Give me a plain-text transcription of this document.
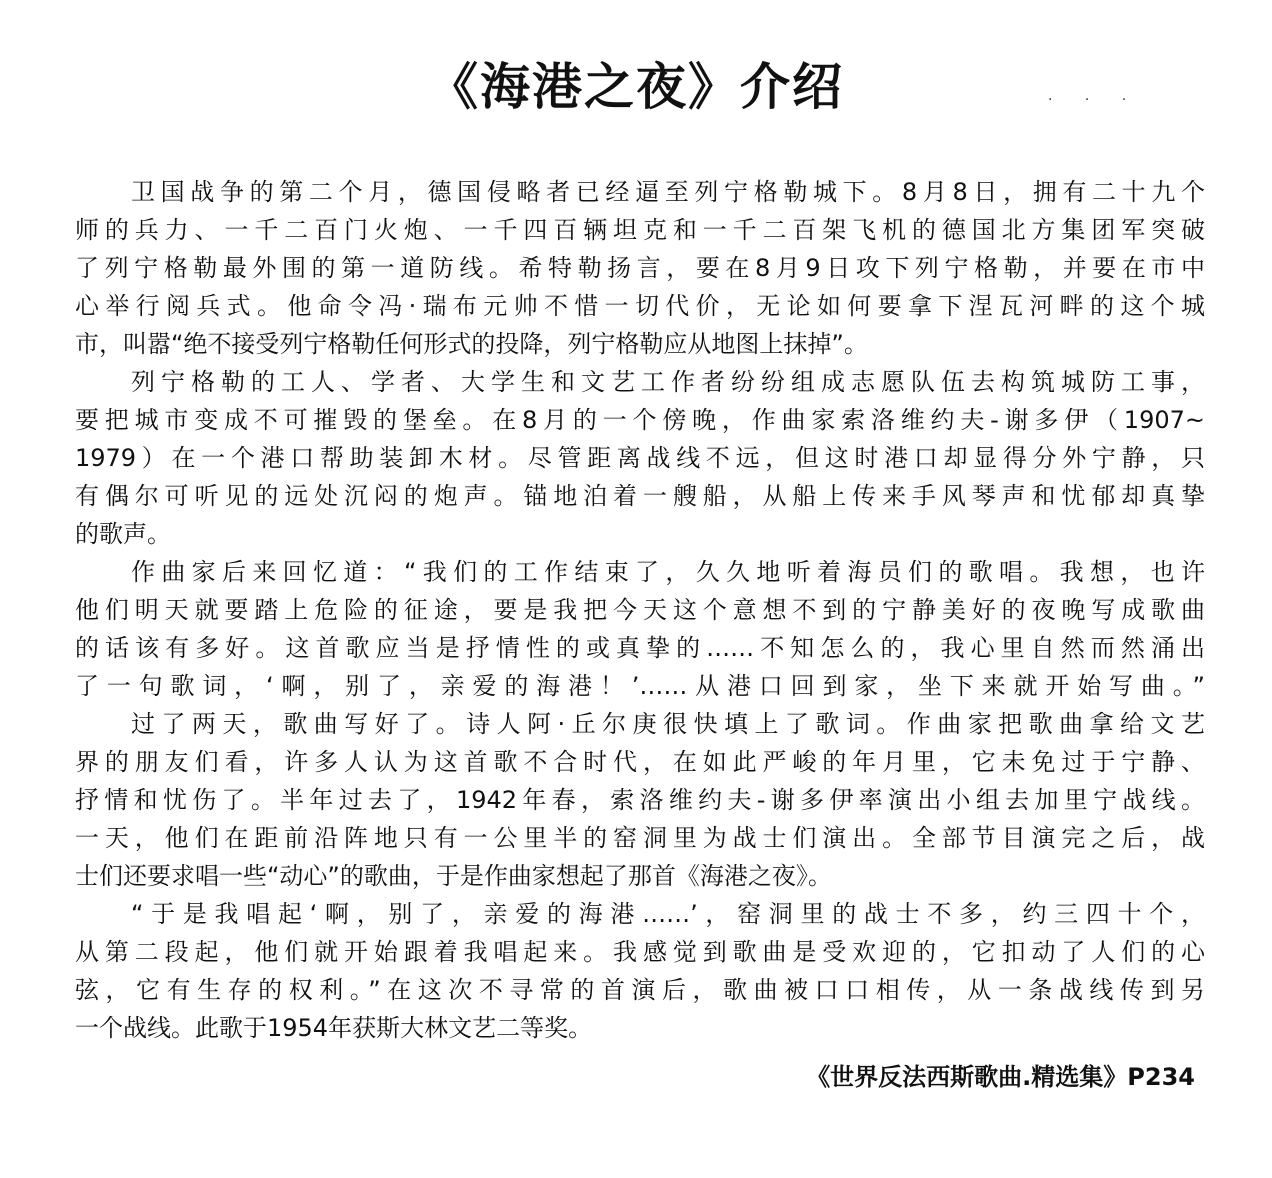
《海港之夜》介绍	· · ·
卫国战争的第二个月，德国侵略者已经逼至列宁格勒城下。8月8日，拥有二十九个
师的兵力、一千二百门火炮、一千四百辆坦克和一千二百架飞机的德国北方集团军突破
了列宁格勒最外围的第一道防线。希特勒扬言，要在8月9日攻下列宁格勒，并要在市中
心举行阅兵式。他命令冯·瑞布元帅不惜一切代价，无论如何要拿下涅瓦河畔的这个城
市，叫嚣“绝不接受列宁格勒任何形式的投降，列宁格勒应从地图上抹掉”。
列宁格勒的工人、学者、大学生和文艺工作者纷纷组成志愿队伍去构筑城防工事，
要把城市变成不可摧毁的堡垒。在8月的一个傍晚，作曲家索洛维约夫-谢多伊（1907~
1979）在一个港口帮助装卸木材。尽管距离战线不远，但这时港口却显得分外宁静，只
有偶尔可听见的远处沉闷的炮声。锚地泊着一艘船，从船上传来手风琴声和忧郁却真挚
的歌声。
作曲家后来回忆道：“我们的工作结束了，久久地听着海员们的歌唱。我想，也许
他们明天就要踏上危险的征途，要是我把今天这个意想不到的宁静美好的夜晚写成歌曲
的话该有多好。这首歌应当是抒情性的或真挚的……不知怎么的，我心里自然而然涌出
了一句歌词，‘啊，别了，亲爱的海港！’……从港口回到家，坐下来就开始写曲。”
过了两天，歌曲写好了。诗人阿·丘尔庚很快填上了歌词。作曲家把歌曲拿给文艺
界的朋友们看，许多人认为这首歌不合时代，在如此严峻的年月里，它未免过于宁静、
抒情和忧伤了。半年过去了，1942年春，索洛维约夫-谢多伊率演出小组去加里宁战线。
一天，他们在距前沿阵地只有一公里半的窑洞里为战士们演出。全部节目演完之后，战
士们还要求唱一些“动心”的歌曲，于是作曲家想起了那首《海港之夜》。
“于是我唱起‘啊，别了，亲爱的海港……’，窑洞里的战士不多，约三四十个，
从第二段起，他们就开始跟着我唱起来。我感觉到歌曲是受欢迎的，它扣动了人们的心
弦，它有生存的权利。”在这次不寻常的首演后，歌曲被口口相传，从一条战线传到另
一个战线。此歌于1954年获斯大林文艺二等奖。
《世界反法西斯歌曲.精选集》P234
